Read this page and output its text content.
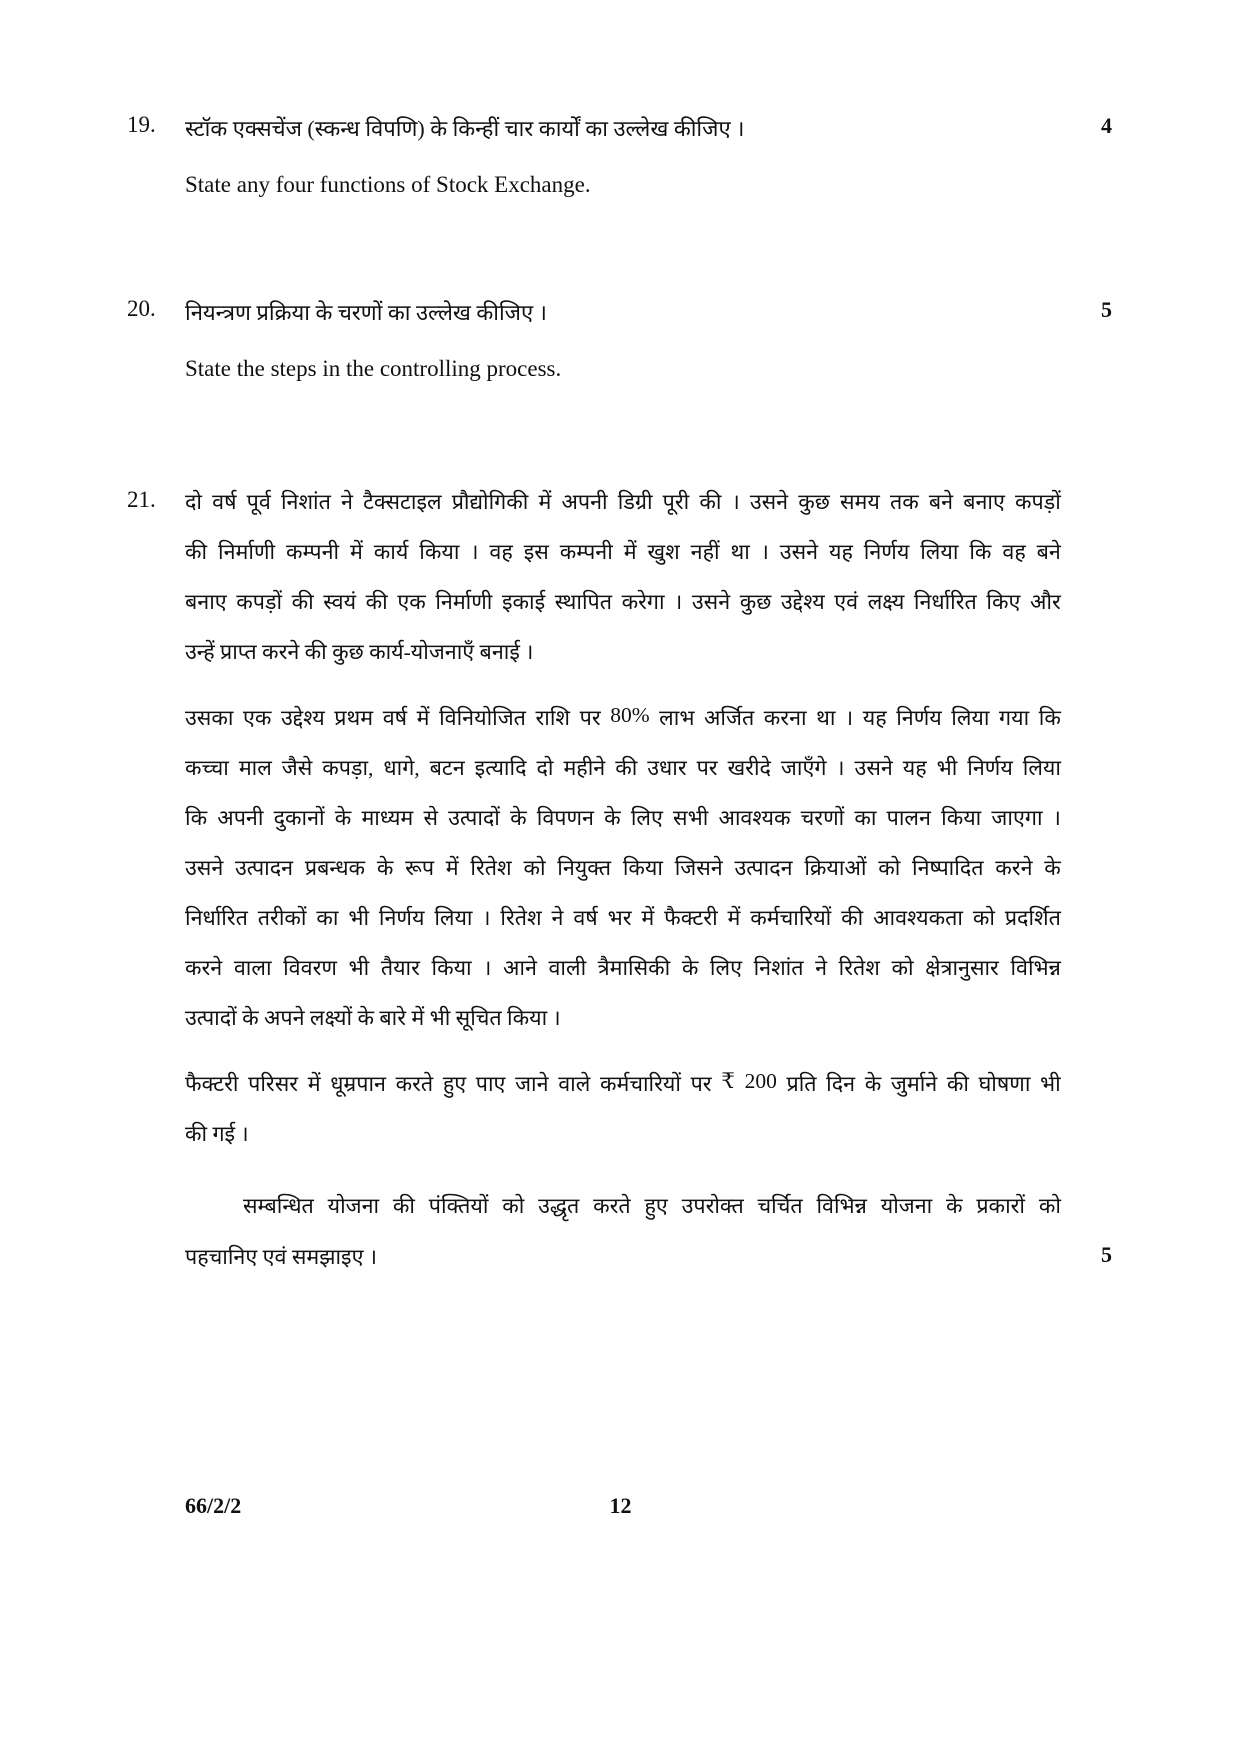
19. स्टॉक एक्सचेंज (स्कन्ध विपणि) के किन्हीं चार कार्यों का उल्लेख कीजिए ।	4
State any four functions of Stock Exchange.
20. नियन्त्रण प्रक्रिया के चरणों का उल्लेख कीजिए ।	5
State the steps in the controlling process.
21. दो वर्ष पूर्व निशांत ने टैक्सटाइल प्रौद्योगिकी में अपनी डिग्री पूरी की । उसने कुछ समय तक बने बनाए कपड़ों
की निर्माणी कम्पनी में कार्य किया । वह इस कम्पनी में खुश नहीं था । उसने यह निर्णय लिया कि वह बने
बनाए कपड़ों की स्वयं की एक निर्माणी इकाई स्थापित करेगा । उसने कुछ उद्देश्य एवं लक्ष्य निर्धारित किए और
उन्हें प्राप्त करने की कुछ कार्य-योजनाएँ बनाई ।
उसका एक उद्देश्य प्रथम वर्ष में विनियोजित राशि पर 80% लाभ अर्जित करना था । यह निर्णय लिया गया कि
कच्चा माल जैसे कपड़ा, धागे, बटन इत्यादि दो महीने की उधार पर खरीदे जाएँगे । उसने यह भी निर्णय लिया
कि अपनी दुकानों के माध्यम से उत्पादों के विपणन के लिए सभी आवश्यक चरणों का पालन किया जाएगा ।
उसने उत्पादन प्रबन्धक के रूप में रितेश को नियुक्त किया जिसने उत्पादन क्रियाओं को निष्पादित करने के
निर्धारित तरीकों का भी निर्णय लिया । रितेश ने वर्ष भर में फैक्टरी में कर्मचारियों की आवश्यकता को प्रदर्शित
करने वाला विवरण भी तैयार किया । आने वाली त्रैमासिकी के लिए निशांत ने रितेश को क्षेत्रानुसार विभिन्न
उत्पादों के अपने लक्ष्यों के बारे में भी सूचित किया ।
फैक्टरी परिसर में धूम्रपान करते हुए पाए जाने वाले कर्मचारियों पर ₹ 200 प्रति दिन के जुर्माने की घोषणा भी
की गई ।
सम्बन्धित योजना की पंक्तियों को उद्धृत करते हुए उपरोक्त चर्चित विभिन्न योजना के प्रकारों को
पहचानिए एवं समझाइए ।	5
66/2/2	12
